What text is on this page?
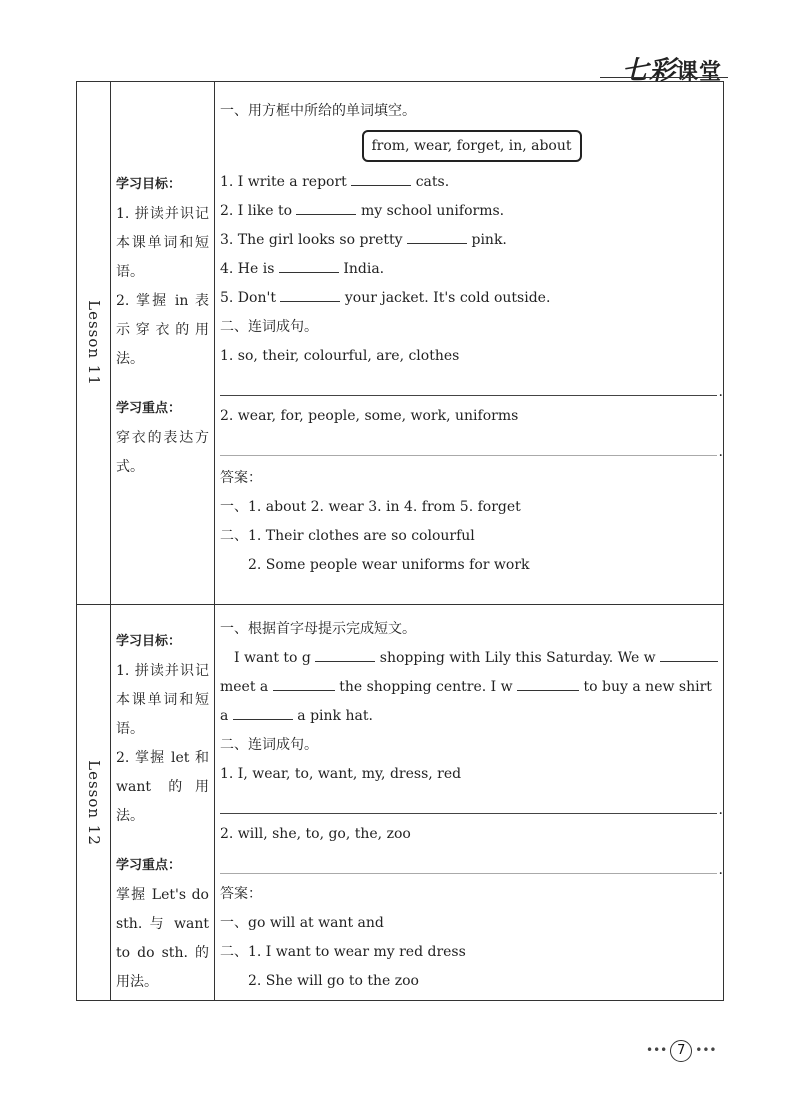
七彩课堂
Lesson 11
学习目标：
1. 拼读并识记本课单词和短语。
2. 掌握 in 表示穿衣的用法。
学习重点：
穿衣的表达方式。
一、用方框中所给的单词填空。
from, wear, forget, in, about
1. I write a report	cats.
2. I like to	my school uniforms.
3. The girl looks so pretty	pink.
4. He is	India.
5. Don't	your jacket. It's cold outside.
二、连词成句。
1. so, their, colourful, are, clothes
.
2. wear, for, people, some, work, uniforms
.
答案：
一、1. about 2. wear 3. in 4. from 5. forget
二、1. Their clothes are so colourful
2. Some people wear uniforms for work
Lesson 12
学习目标：
1. 拼读并识记本课单词和短语。
2. 掌握 let 和 want 的用法。
学习重点：
掌握 Let's do sth. 与 want to do sth. 的用法。
一、根据首字母提示完成短文。
I want to g	shopping with Lily this Saturday. We w
meet a	the shopping centre. I w	to buy a new shirt
a	a pink hat.
二、连词成句。
1. I, wear, to, want, my, dress, red
.
2. will, she, to, go, the, zoo
.
答案：
一、go will at want and
二、1. I want to wear my red dress
2. She will go to the zoo
••• 7 •••
